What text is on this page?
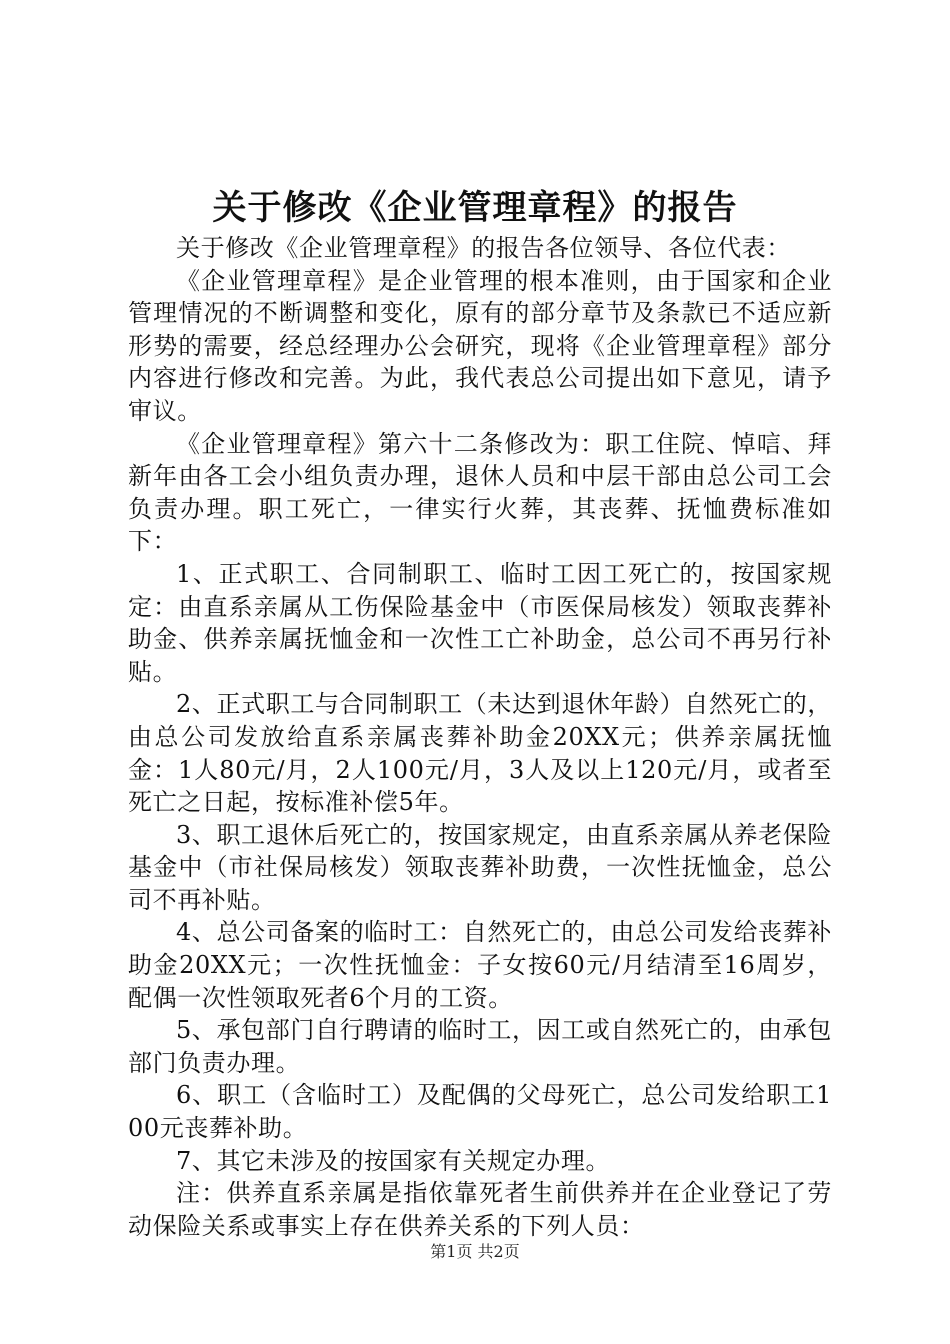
关于修改《企业管理章程》的报告

关于修改《企业管理章程》的报告各位领导、各位代表：

《企业管理章程》是企业管理的根本准则，由于国家和企业管理情况的不断调整和变化，原有的部分章节及条款已不适应新形势的需要，经总经理办公会研究，现将《企业管理章程》部分内容进行修改和完善。为此，我代表总公司提出如下意见，请予审议。

《企业管理章程》第六十二条修改为：职工住院、悼唁、拜新年由各工会小组负责办理，退休人员和中层干部由总公司工会负责办理。职工死亡，一律实行火葬，其丧葬、抚恤费标准如下：

1、正式职工、合同制职工、临时工因工死亡的，按国家规定：由直系亲属从工伤保险基金中（市医保局核发）领取丧葬补助金、供养亲属抚恤金和一次性工亡补助金，总公司不再另行补贴。

2、正式职工与合同制职工（未达到退休年龄）自然死亡的，由总公司发放给直系亲属丧葬补助金20XX元；供养亲属抚恤金：1人80元/月，2人100元/月，3人及以上120元/月，或者至死亡之日起，按标准补偿5年。

3、职工退休后死亡的，按国家规定，由直系亲属从养老保险基金中（市社保局核发）领取丧葬补助费，一次性抚恤金，总公司不再补贴。

4、总公司备案的临时工：自然死亡的，由总公司发给丧葬补助金20XX元；一次性抚恤金：子女按60元/月结清至16周岁，配偶一次性领取死者6个月的工资。

5、承包部门自行聘请的临时工，因工或自然死亡的，由承包部门负责办理。

6、职工（含临时工）及配偶的父母死亡，总公司发给职工100元丧葬补助。

7、其它未涉及的按国家有关规定办理。

注：供养直系亲属是指依靠死者生前供养并在企业登记了劳动保险关系或事实上存在供养关系的下列人员：

第1页 共2页
